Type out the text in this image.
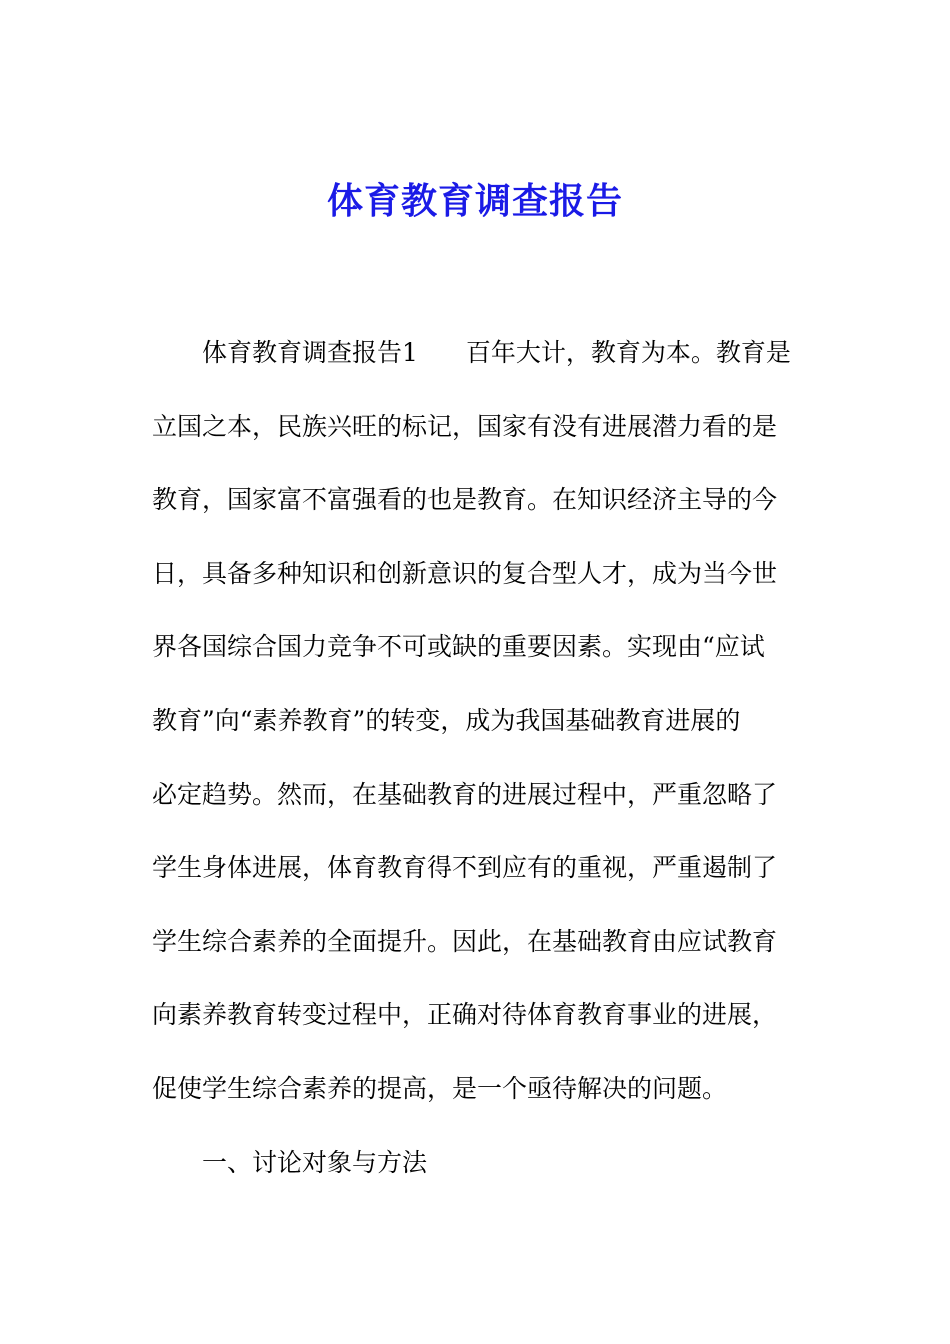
体育教育调查报告
体育教育调查报告1 百年大计，教育为本。教育是
立国之本，民族兴旺的标记，国家有没有进展潜力看的是
教育，国家富不富强看的也是教育。在知识经济主导的今
日，具备多种知识和创新意识的复合型人才，成为当今世
界各国综合国力竞争不可或缺的重要因素。实现由“应试
教育”向“素养教育”的转变，成为我国基础教育进展的
必定趋势。然而，在基础教育的进展过程中，严重忽略了
学生身体进展，体育教育得不到应有的重视，严重遏制了
学生综合素养的全面提升。因此，在基础教育由应试教育
向素养教育转变过程中，正确对待体育教育事业的进展，
促使学生综合素养的提高，是一个亟待解决的问题。
一、讨论对象与方法
